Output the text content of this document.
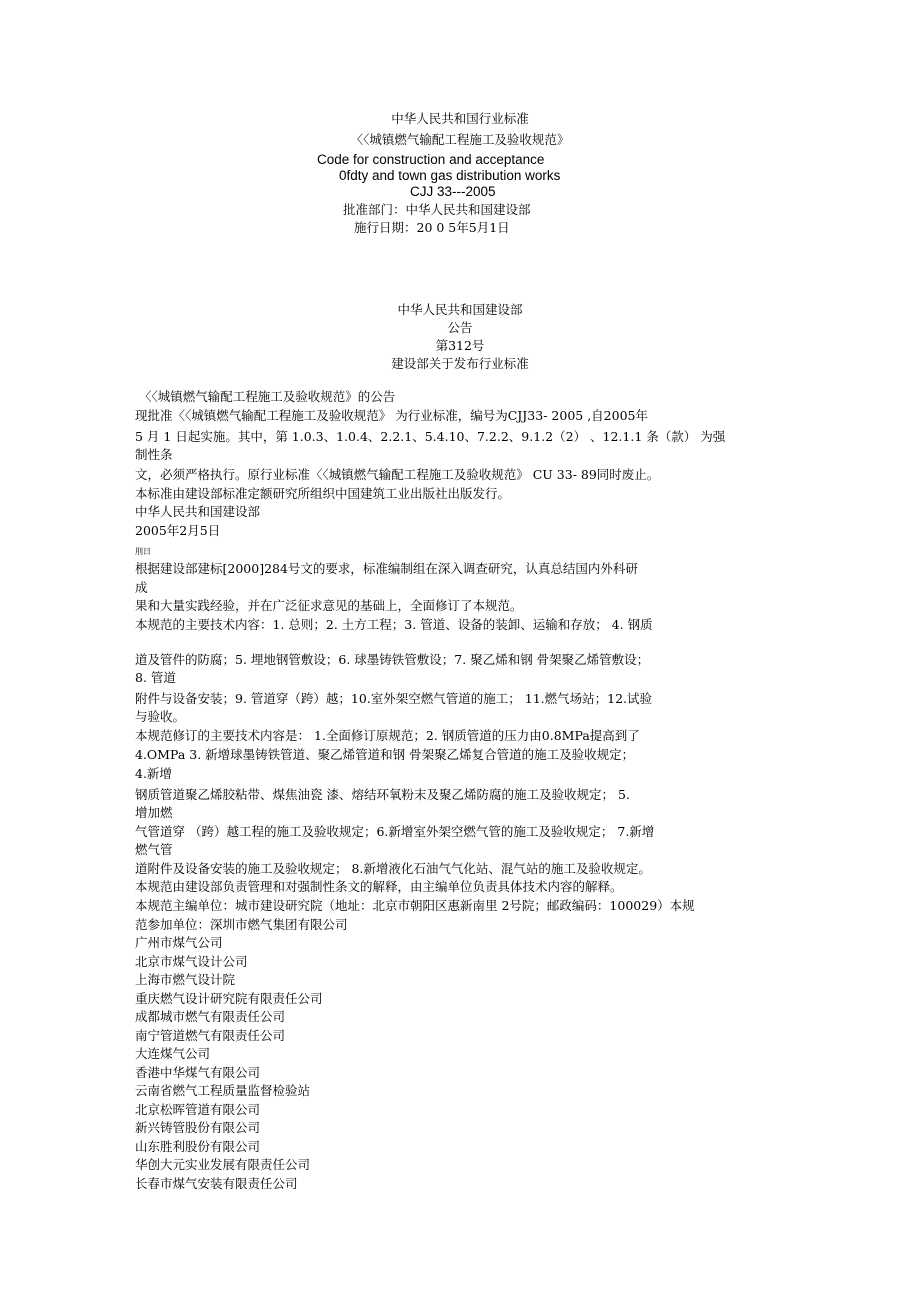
中华人民共和国行业标准
〈〈城镇燃气输配工程施工及验收规范》
Code for construction and acceptance
0fdty and town gas distribution works
CJJ 33---2005
批准部门：中华人民共和国建设部
施行日期：20 0 5年5月1日
中华人民共和国建设部
公告
第312号
建设部关于发布行业标准
〈〈城镇燃气输配工程施工及验收规范》的公告
现批准〈〈城镇燃气输配工程施工及验收规范》 为行业标准，编号为CJJ33- 2005 ,自2005年
5 月 1 日起实施。其中，第 1.0.3、1.0.4、2.2.1、5.4.10、7.2.2、9.1.2（2） 、12.1.1 条（款） 为强
制性条
文，必须严格执行。原行业标准〈〈城镇燃气输配工程施工及验收规范》 CU 33- 89同时废止。
本标准由建设部标准定额研究所组织中国建筑工业出版社出版发行。
中华人民共和国建设部
2005年2月5日
刖日
根据建设部建标[2000]284号文的要求，标准编制组在深入调查研究，认真总结国内外科研
成
果和大量实践经验，并在广泛征求意见的基础上，全面修订了本规范。
本规范的主要技术内容：1. 总则；2. 土方工程；3. 管道、设备的装卸、运输和存放； 4. 钢质
道及管件的防腐；5. 埋地钢管敷设；6. 球墨铸铁管敷设；7. 聚乙烯和钢 骨架聚乙烯管敷设；
8. 管道
附件与设备安装；9. 管道穿（跨）越；10.室外架空燃气管道的施工； 11.燃气场站；12.试验
与验收。
本规范修订的主要技术内容是： 1.全面修订原规范；2. 钢质管道的压力由0.8MPa提高到了
4.OMPa 3. 新增球墨铸铁管道、聚乙烯管道和钢 骨架聚乙烯复合管道的施工及验收规定；
4.新增
钢质管道聚乙烯胶粘带、煤焦油瓷 漆、熔结环氧粉末及聚乙烯防腐的施工及验收规定； 5.
增加燃
气管道穿 （跨）越工程的施工及验收规定；6.新增室外架空燃气管的施工及验收规定； 7.新增
燃气管
道附件及设备安装的施工及验收规定； 8.新增液化石油气气化站、混气站的施工及验收规定。
本规范由建设部负责管理和对强制性条文的解释，由主编单位负责具体技术内容的解释。
本规范主编单位：城市建设研究院（地址：北京市朝阳区惠新南里 2号院；邮政编码：100029）本规
范参加单位：深圳市燃气集团有限公司
广州市煤气公司
北京市煤气设计公司
上海市燃气设计院
重庆燃气设计研究院有限责任公司
成都城市燃气有限责任公司
南宁管道燃气有限责任公司
大连煤气公司
香港中华煤气有限公司
云南省燃气工程质量监督检验站
北京松晖管道有限公司
新兴铸管股份有限公司
山东胜利股份有限公司
华创大元实业发展有限责任公司
长春市煤气安装有限责任公司
